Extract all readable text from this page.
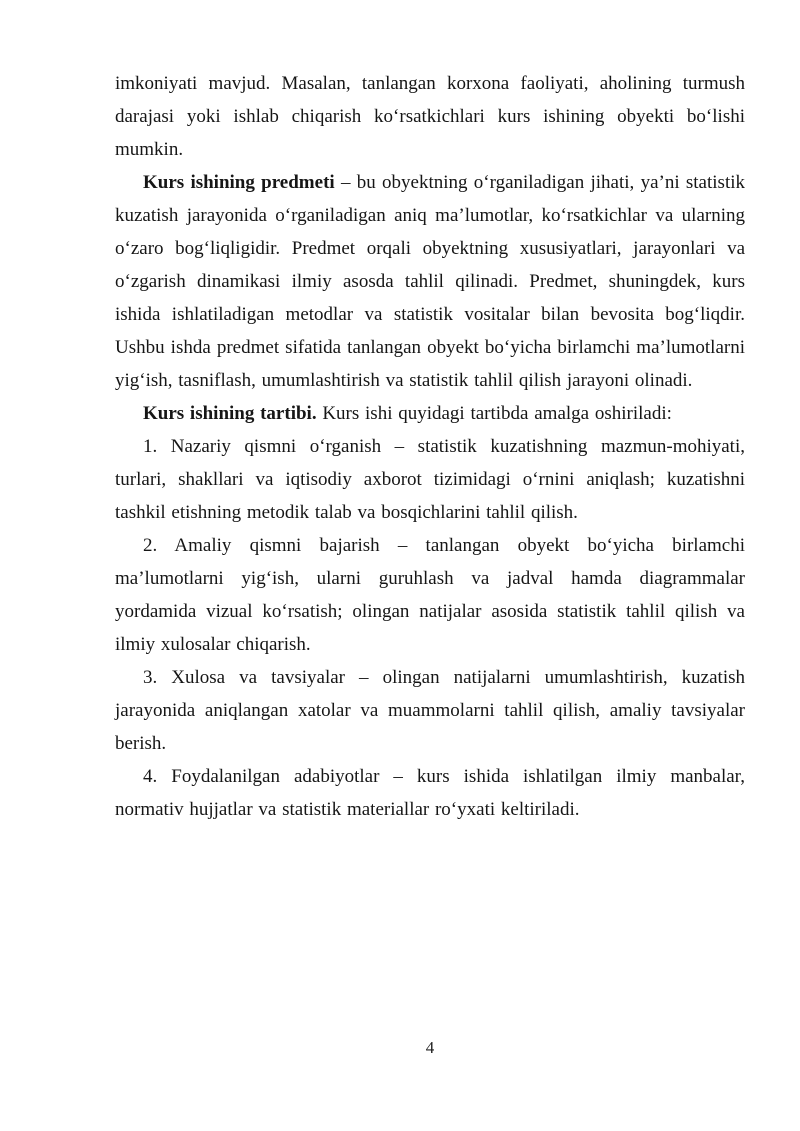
imkoniyati mavjud. Masalan, tanlangan korxona faoliyati, aholining turmush darajasi yoki ishlab chiqarish koʻrsatkichlari kurs ishining obyekti boʻlishi mumkin.

Kurs ishining predmeti – bu obyektning oʻrganiladigan jihati, ya’ni statistik kuzatish jarayonida oʻrganiladigan aniq ma’lumotlar, koʻrsatkichlar va ularning oʻzaro bogʻliqligidir. Predmet orqali obyektning xususiyatlari, jarayonlari va oʻzgarish dinamikasi ilmiy asosda tahlil qilinadi. Predmet, shuningdek, kurs ishida ishlatiladigan metodlar va statistik vositalar bilan bevosita bogʻliqdir. Ushbu ishda predmet sifatida tanlangan obyekt boʻyicha birlamchi ma’lumotlarni yigʻish, tasniflash, umumlashtirish va statistik tahlil qilish jarayoni olinadi.

Kurs ishining tartibi. Kurs ishi quyidagi tartibda amalga oshiriladi:

1. Nazariy qismni oʻrganish – statistik kuzatishning mazmun-mohiyati, turlari, shakllari va iqtisodiy axborot tizimidagi oʻrnini aniqlash; kuzatishni tashkil etishning metodik talab va bosqichlarini tahlil qilish.

2. Amaliy qismni bajarish – tanlangan obyekt boʻyicha birlamchi ma’lumotlarni yigʻish, ularni guruhlash va jadval hamda diagrammalar yordamida vizual koʻrsatish; olingan natijalar asosida statistik tahlil qilish va ilmiy xulosalar chiqarish.

3. Xulosa va tavsiyalar – olingan natijalarni umumlashtirish, kuzatish jarayonida aniqlangan xatolar va muammolarni tahlil qilish, amaliy tavsiyalar berish.

4. Foydalanilgan adabiyotlar – kurs ishida ishlatilgan ilmiy manbalar, normativ hujjatlar va statistik materiallar roʻyxati keltiriladi.

4
